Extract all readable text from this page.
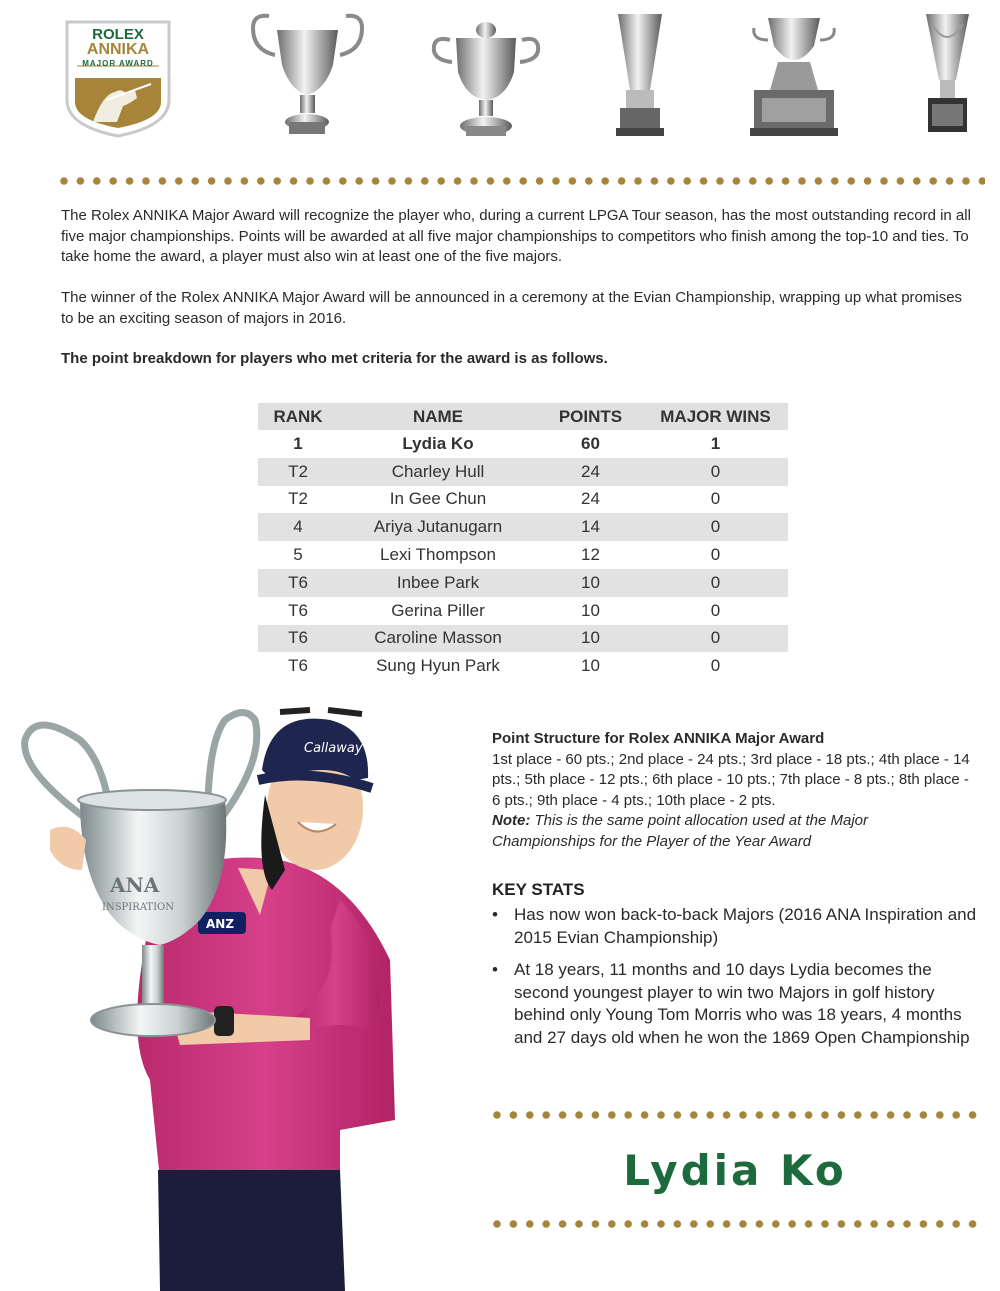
ROLEX
ANNIKA
MAJOR AWARD

The Rolex ANNIKA Major Award will recognize the player who, during a current LPGA Tour season, has the most outstanding record in all five major championships. Points will be awarded at all five major championships to competitors who finish among the top-10 and ties. To take home the award, a player must also win at least one of the five majors.

The winner of the Rolex ANNIKA Major Award will be announced in a ceremony at the Evian Championship, wrapping up what promises to be an exciting season of majors in 2016.

The point breakdown for players who met criteria for the award is as follows.

RANK	NAME	POINTS	MAJOR WINS
1	Lydia Ko	60	1
T2	Charley Hull	24	0
T2	In Gee Chun	24	0
4	Ariya Jutanugarn	14	0
5	Lexi Thompson	12	0
T6	Inbee Park	10	0
T6	Gerina Piller	10	0
T6	Caroline Masson	10	0
T6	Sung Hyun Park	10	0
Callaway
ANZ
ANA
INSPIRATION
Point Structure for Rolex ANNIKA Major Award
1st place - 60 pts.; 2nd place - 24 pts.; 3rd place - 18 pts.; 4th place - 14 pts.; 5th place - 12 pts.; 6th place - 10 pts.; 7th place - 8 pts.; 8th place - 6 pts.; 9th place - 4 pts.; 10th place - 2 pts.
Note: This is the same point allocation used at the Major Championships for the Player of the Year Award
KEY STATS
• Has now won back-to-back Majors (2016 ANA Inspiration and 2015 Evian Championship)
• At 18 years, 11 months and 10 days Lydia becomes the second youngest player to win two Majors in golf history behind only Young Tom Morris who was 18 years, 4 months and 27 days old when he won the 1869 Open Championship
Lydia Ko
